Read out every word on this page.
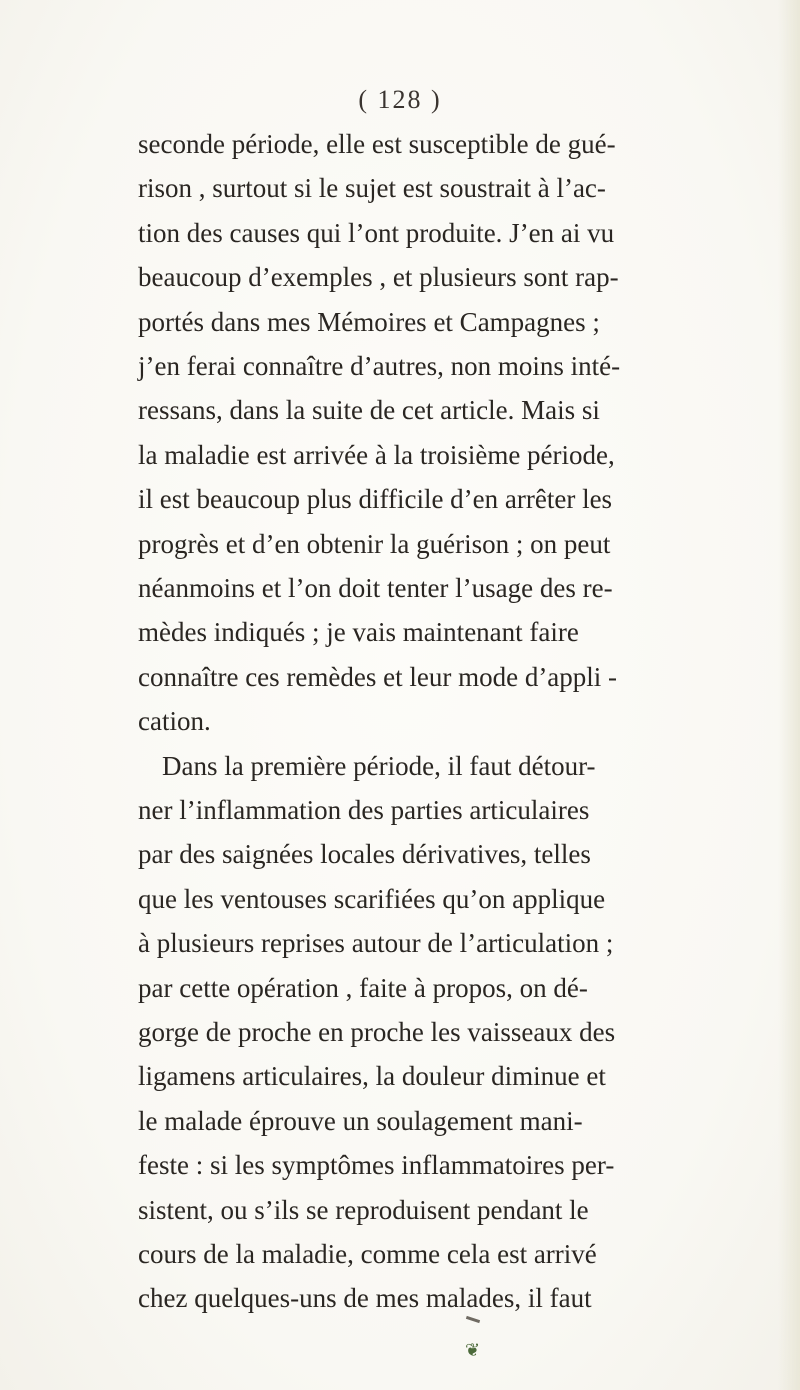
( 128 )
seconde période, elle est susceptible de gué-
rison , surtout si le sujet est soustrait à l’ac-
tion des causes qui l’ont produite. J’en ai vu
beaucoup d’exemples , et plusieurs sont rap-
portés dans mes Mémoires et Campagnes ;
j’en ferai connaître d’autres, non moins inté-
ressans, dans la suite de cet article. Mais si
la maladie est arrivée à la troisième période,
il est beaucoup plus difficile d’en arrêter les
progrès et d’en obtenir la guérison ; on peut
néanmoins et l’on doit tenter l’usage des re-
mèdes indiqués ; je vais maintenant faire
connaître ces remèdes et leur mode d’appli -
cation.
Dans la première période, il faut détour-
ner l’inflammation des parties articulaires
par des saignées locales dérivatives, telles
que les ventouses scarifiées qu’on applique
à plusieurs reprises autour de l’articulation ;
par cette opération , faite à propos, on dé-
gorge de proche en proche les vaisseaux des
ligamens articulaires, la douleur diminue et
le malade éprouve un soulagement mani-
feste : si les symptômes inflammatoires per-
sistent, ou s’ils se reproduisent pendant le
cours de la maladie, comme cela est arrivé
chez quelques-uns de mes malades, il faut
❦
